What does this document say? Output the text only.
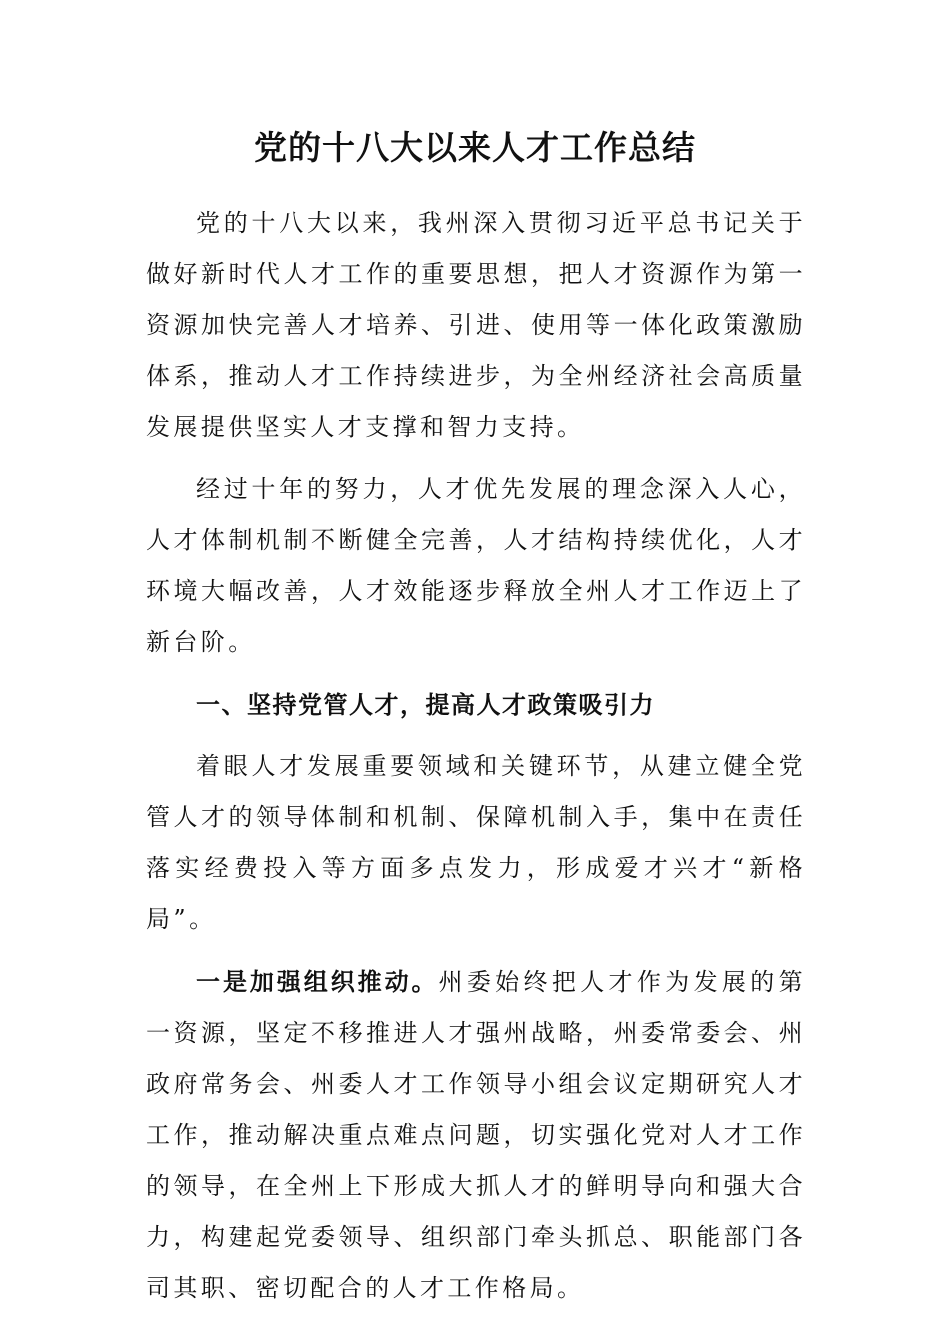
党的十八大以来人才工作总结

党的十八大以来，我州深入贯彻习近平总书记关于做好新时代人才工作的重要思想，把人才资源作为第一资源加快完善人才培养、引进、使用等一体化政策激励体系，推动人才工作持续进步，为全州经济社会高质量发展提供坚实人才支撑和智力支持。

经过十年的努力，人才优先发展的理念深入人心，人才体制机制不断健全完善，人才结构持续优化，人才环境大幅改善，人才效能逐步释放全州人才工作迈上了新台阶。

一、坚持党管人才，提高人才政策吸引力

着眼人才发展重要领域和关键环节，从建立健全党管人才的领导体制和机制、保障机制入手，集中在责任落实经费投入等方面多点发力，形成爱才兴才“新格局”。

一是加强组织推动。州委始终把人才作为发展的第一资源，坚定不移推进人才强州战略，州委常委会、州政府常务会、州委人才工作领导小组会议定期研究人才工作，推动解决重点难点问题，切实强化党对人才工作的领导，在全州上下形成大抓人才的鲜明导向和强大合力，构建起党委领导、组织部门牵头抓总、职能部门各司其职、密切配合的人才工作格局。
